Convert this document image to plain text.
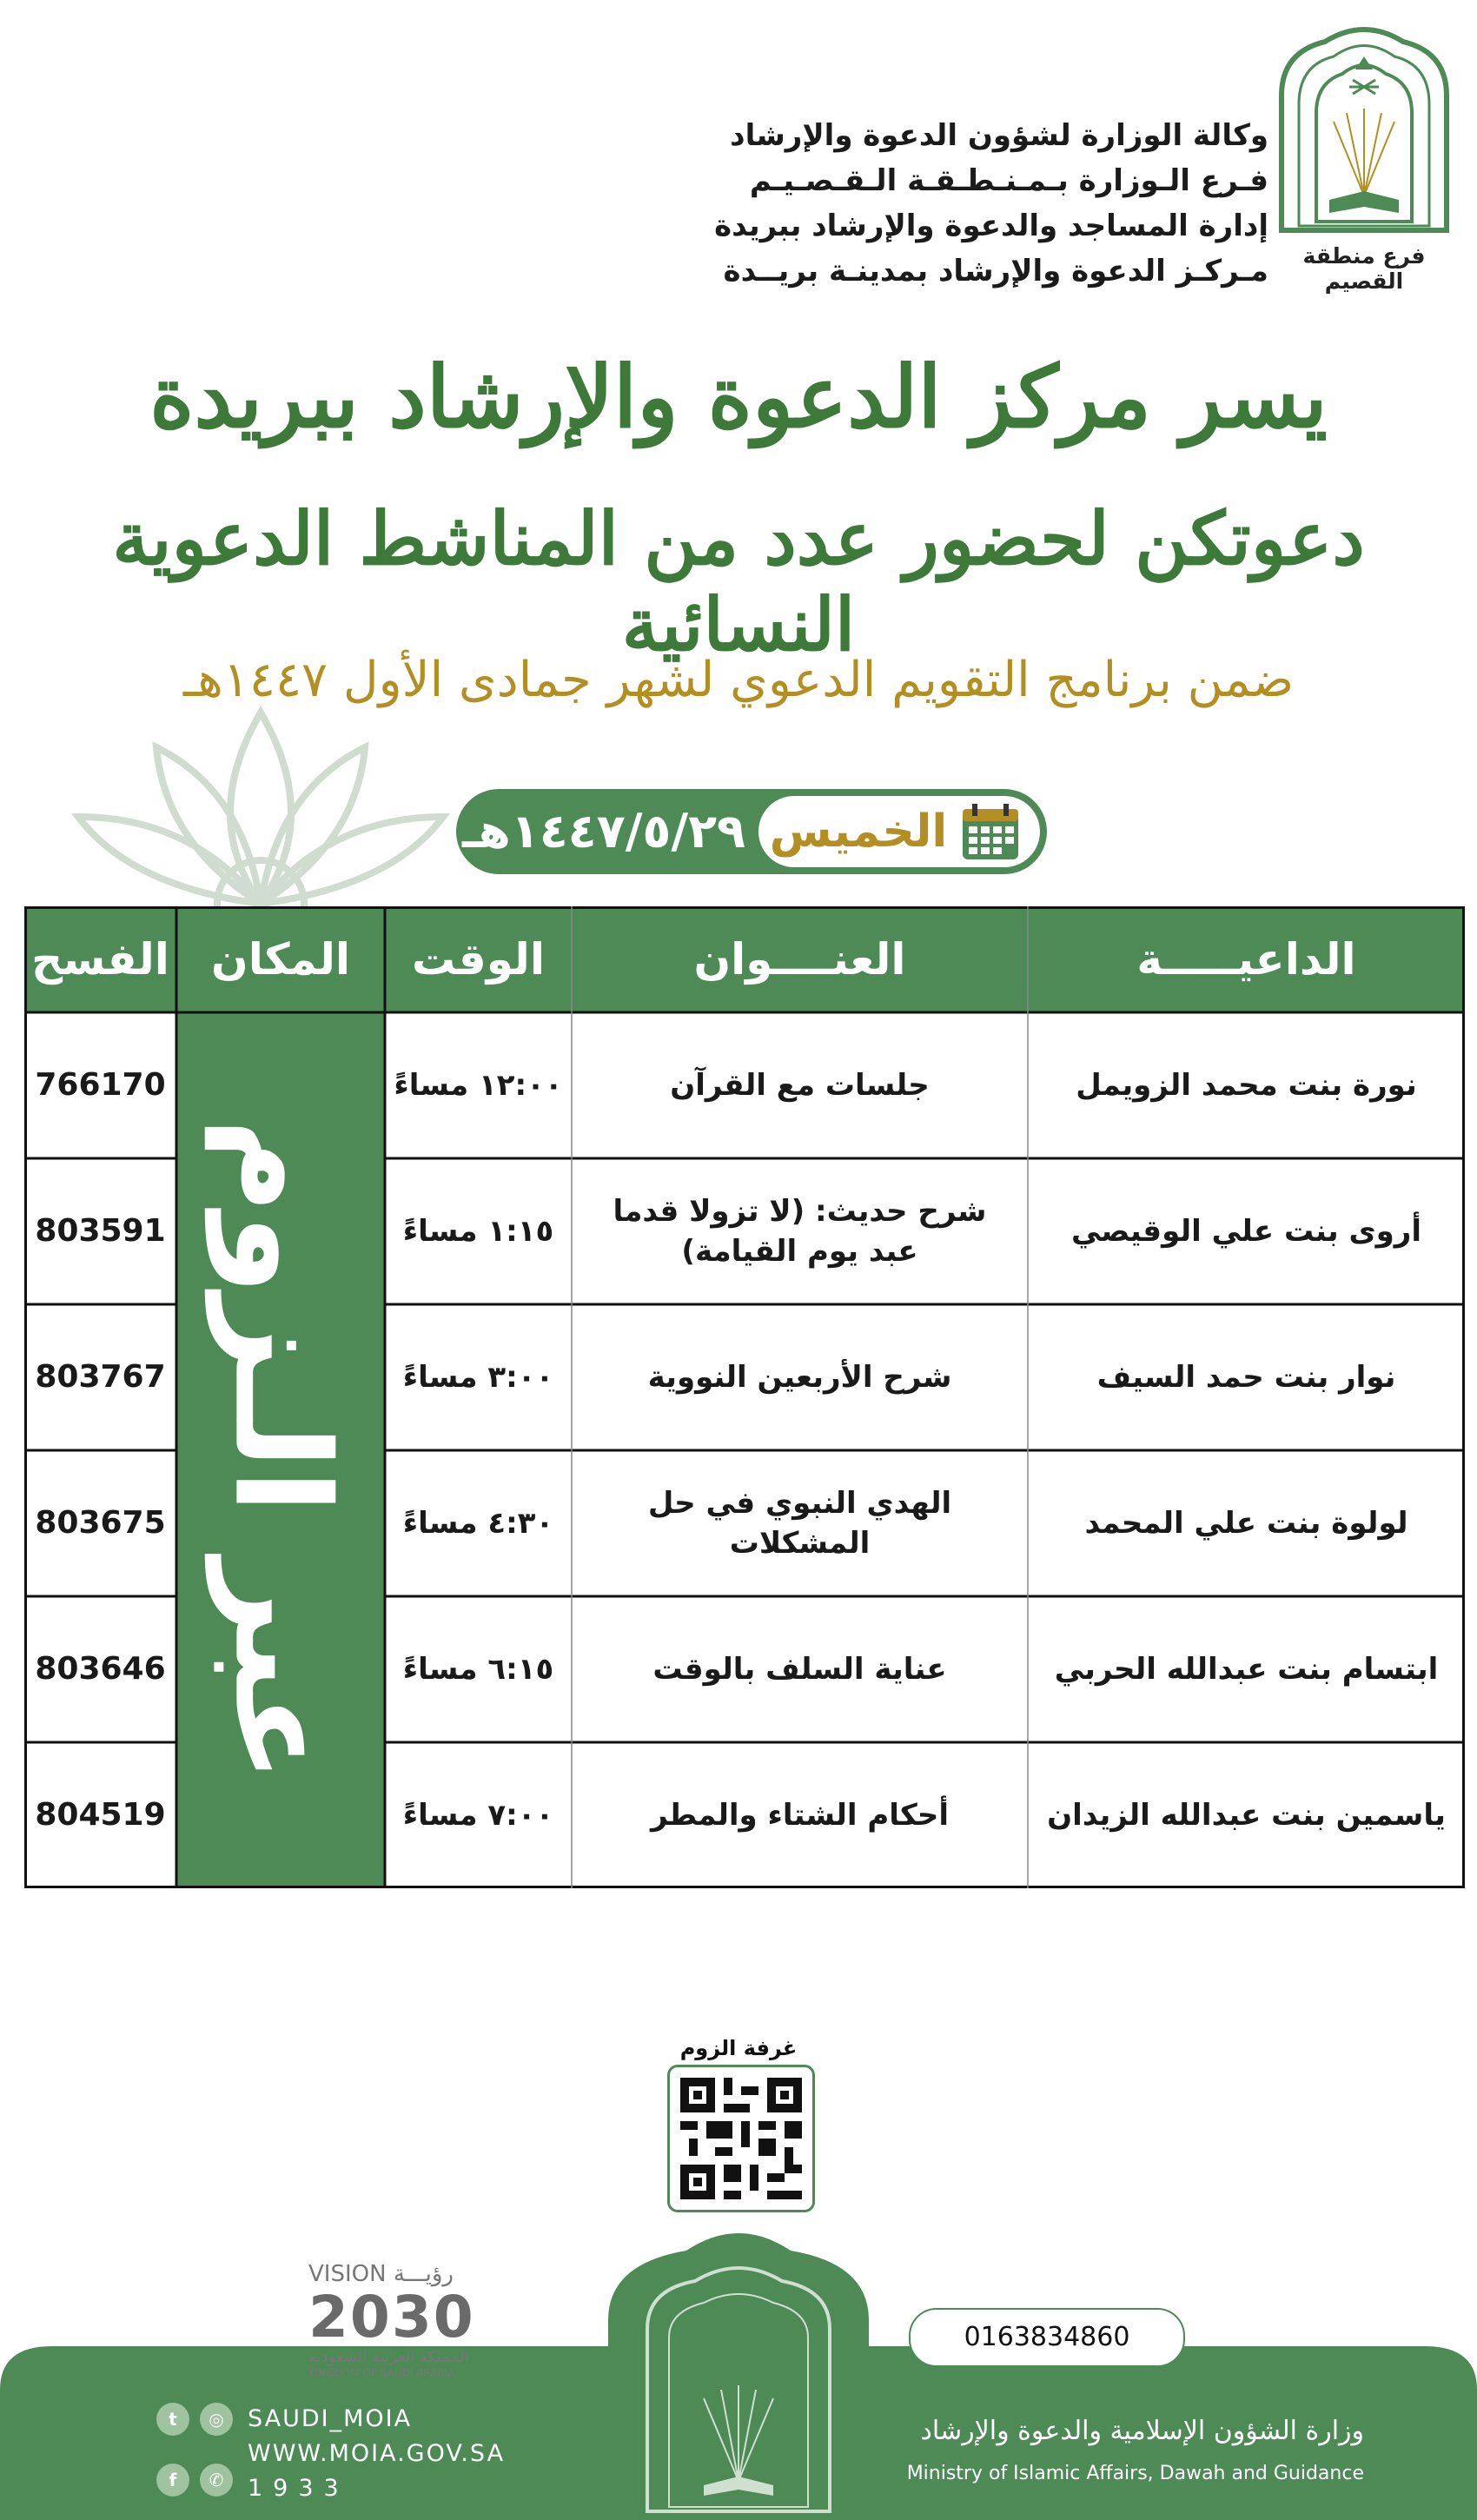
فرع منطقة القصيم
وكالة الوزارة لشؤون الدعوة والإرشاد
فـرع الـوزارة بـمـنـطـقـة الـقـصـيـم
إدارة المساجد والدعوة والإرشاد ببريدة
مـركـز الدعوة والإرشاد بمدينـة بريــدة
يسر مركز الدعوة والإرشاد ببريدة
دعوتكن لحضور عدد من المناشط الدعوية النسائية
ضمن برنامج التقويم الدعوي لشهر جمادى الأول ١٤٤٧هـ
١٤٤٧/٥/٢٩هـ الخميس
الداعيـــــة
العنــــوان
الوقت
المكان
الفسح
عبر الـزوم
نورة بنت محمد الزويمل
جلسات مع القرآن
١٢:٠٠ مساءً
766170
أروى بنت علي الوقيصي
شرح حديث: (لا تزولا قدما عبد يوم القيامة)
١:١٥ مساءً
803591
نوار بنت حمد السيف
شرح الأربعين النووية
٣:٠٠ مساءً
803767
لولوة بنت علي المحمد
الهدي النبوي في حل المشكلات
٤:٣٠ مساءً
803675
ابتسام بنت عبدالله الحربي
عناية السلف بالوقت
٦:١٥ مساءً
803646
ياسمين بنت عبدالله الزيدان
أحكام الشتاء والمطر
٧:٠٠ مساءً
804519
غرفة الزوم
VISION رؤيـــة
2030
المملكة العربية السعودية
KINGDOM OF SAUDI ARABIA
0163834860
t	◎
f	✆
SAUDI_MOIA
WWW.MOIA.GOV.SA
1933
وزارة الشؤون الإسلامية والدعوة والإرشاد
Ministry of Islamic Affairs, Dawah and Guidance
